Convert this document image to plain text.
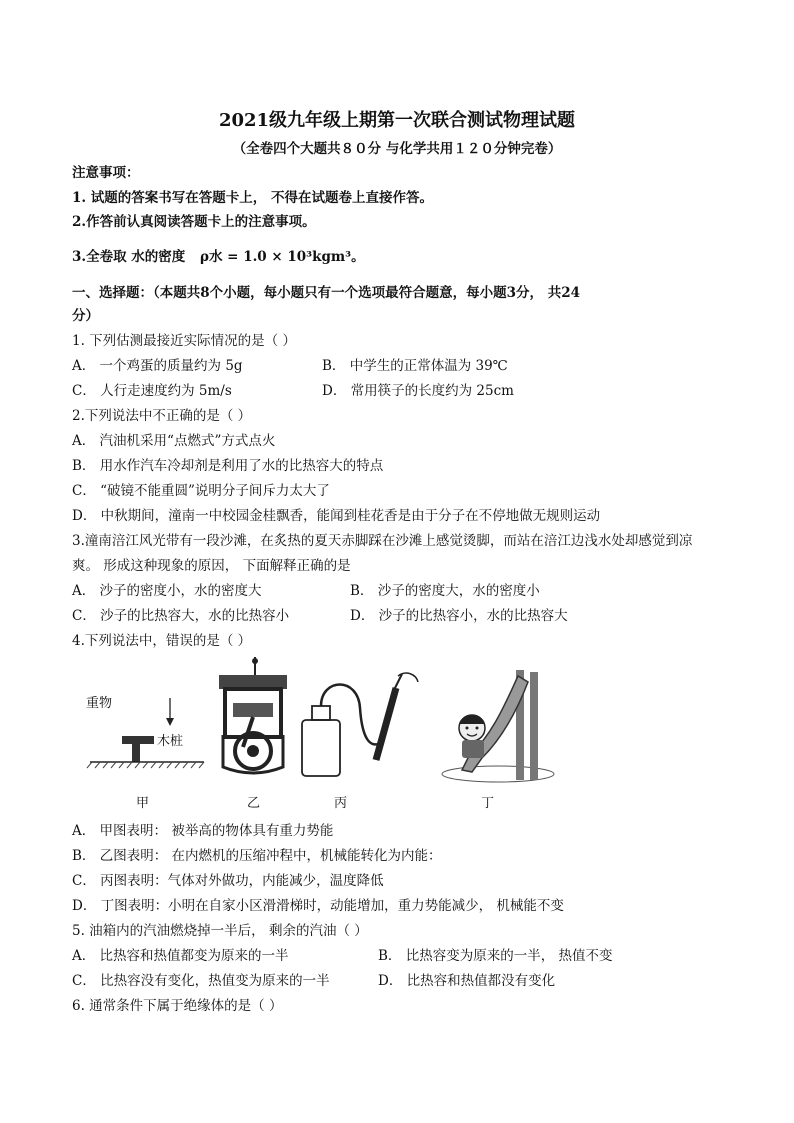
2021级九年级上期第一次联合测试物理试题
（全卷四个大题共８０分 与化学共用１２０分钟完卷）
注意事项：
1. 试题的答案书写在答题卡上， 不得在试题卷上直接作答。
2.作答前认真阅读答题卡上的注意事项。
3.全卷取 水的密度 ρ水 = 1.0 × 10³kgm³。
一、选择题：（本题共8个小题，每小题只有一个选项最符合题意，每小题3分， 共24
分）
1. 下列估测最接近实际情况的是（ ）
A． 一个鸡蛋的质量约为 5g	B． 中学生的正常体温为 39℃
C． 人行走速度约为 5m/s	D． 常用筷子的长度约为 25cm
2.下列说法中不正确的是（ ）
A． 汽油机采用“点燃式”方式点火
B． 用水作汽车冷却剂是利用了水的比热容大的特点
C． “破镜不能重圆”说明分子间斥力太大了
D． 中秋期间，潼南一中校园金桂飘香，能闻到桂花香是由于分子在不停地做无规则运动
3.潼南涪江风光带有一段沙滩，在炙热的夏天赤脚踩在沙滩上感觉烫脚，而站在涪江边浅水处却感觉到凉
爽。 形成这种现象的原因， 下面解释正确的是
A． 沙子的密度小，水的密度大	B． 沙子的密度大，水的密度小
C． 沙子的比热容大，水的比热容小	D． 沙子的比热容小，水的比热容大
4.下列说法中，错误的是（ ）
重物
木桩
甲	乙	丙	丁
A． 甲图表明： 被举高的物体具有重力势能
B． 乙图表明： 在内燃机的压缩冲程中，机械能转化为内能：
C． 丙图表明：气体对外做功，内能减少，温度降低
D． 丁图表明：小明在自家小区滑滑梯时，动能增加，重力势能减少， 机械能不变
5. 油箱内的汽油燃烧掉一半后， 剩余的汽油（ ）
A． 比热容和热值都变为原来的一半	B． 比热容变为原来的一半， 热值不变
C． 比热容没有变化，热值变为原来的一半	D． 比热容和热值都没有变化
6. 通常条件下属于绝缘体的是（ ）
